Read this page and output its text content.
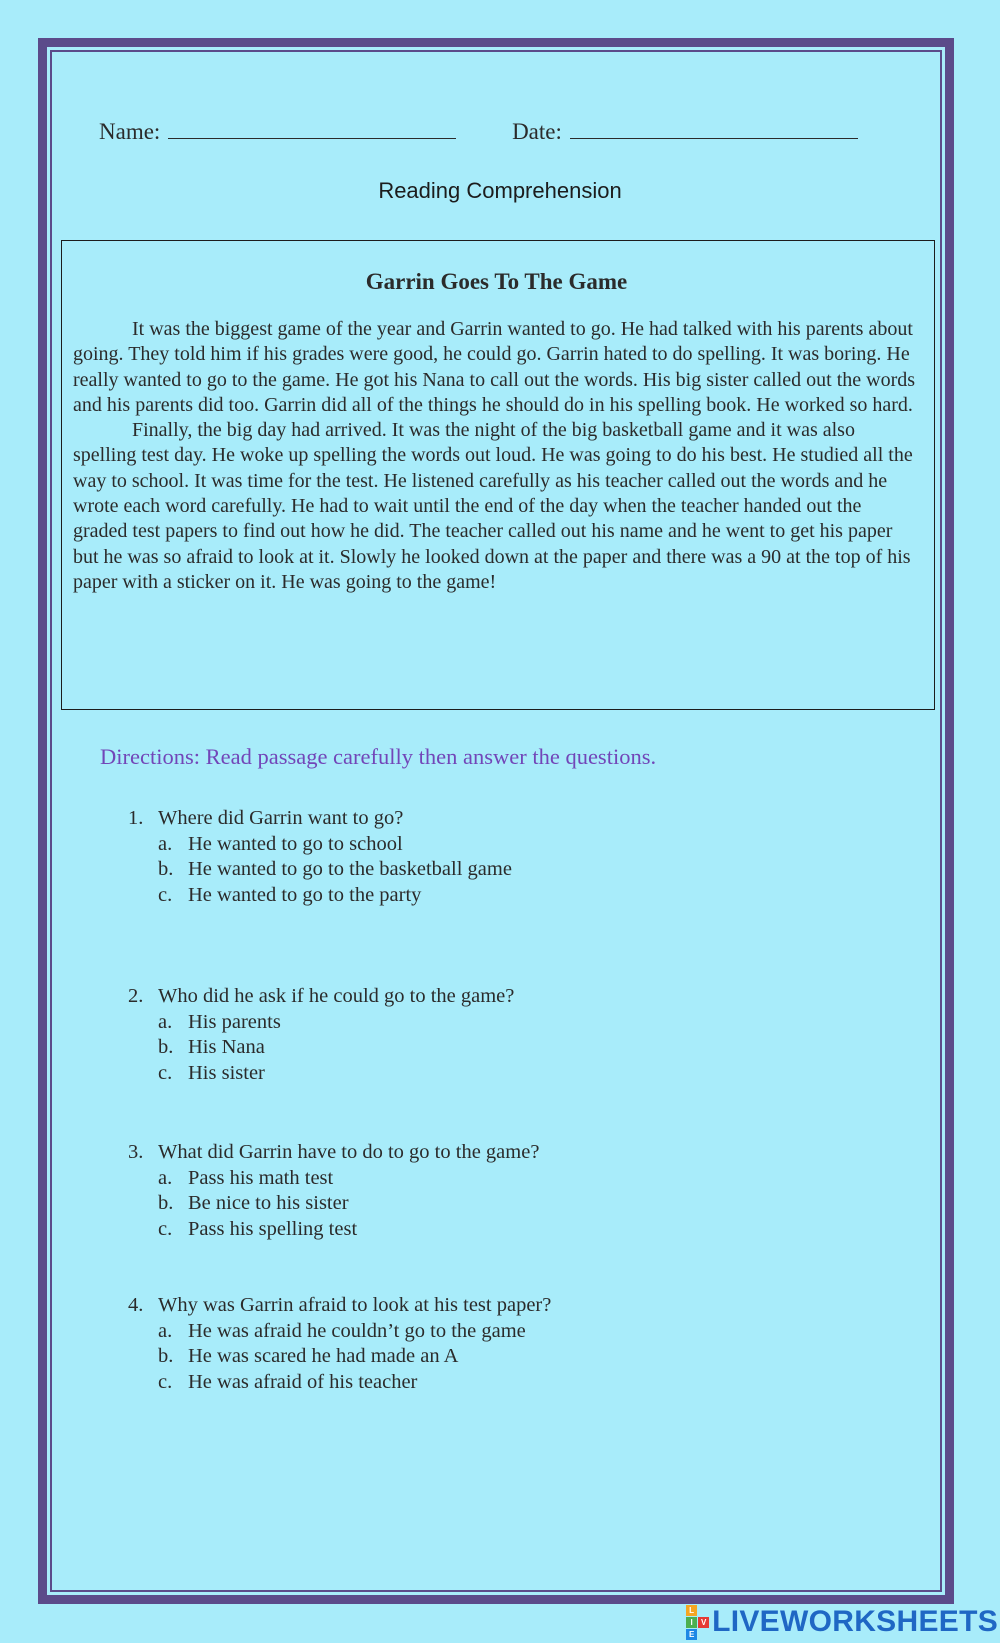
Name:	Date:
Reading Comprehension
Garrin Goes To The Game

It was the biggest game of the year and Garrin wanted to go. He had talked with his parents about going. They told him if his grades were good, he could go. Garrin hated to do spelling. It was boring. He really wanted to go to the game. He got his Nana to call out the words. His big sister called out the words and his parents did too. Garrin did all of the things he should do in his spelling book. He worked so hard.

Finally, the big day had arrived. It was the night of the big basketball game and it was also spelling test day. He woke up spelling the words out loud. He was going to do his best. He studied all the way to school. It was time for the test. He listened carefully as his teacher called out the words and he wrote each word carefully. He had to wait until the end of the day when the teacher handed out the graded test papers to find out how he did. The teacher called out his name and he went to get his paper but he was so afraid to look at it. Slowly he looked down at the paper and there was a 90 at the top of his paper with a sticker on it. He was going to the game!

Directions: Read passage carefully then answer the questions.
1. Where did Garrin want to go?
a. He wanted to go to school
b. He wanted to go to the basketball game
c. He wanted to go to the party
2. Who did he ask if he could go to the game?
a. His parents
b. His Nana
c. His sister
3. What did Garrin have to do to go to the game?
a. Pass his math test
b. Be nice to his sister
c. Pass his spelling test
4. Why was Garrin afraid to look at his test paper?
a. He was afraid he couldn’t go to the game
b. He was scared he had made an A
c. He was afraid of his teacher
L
I	V
E LIVEWORKSHEETS
